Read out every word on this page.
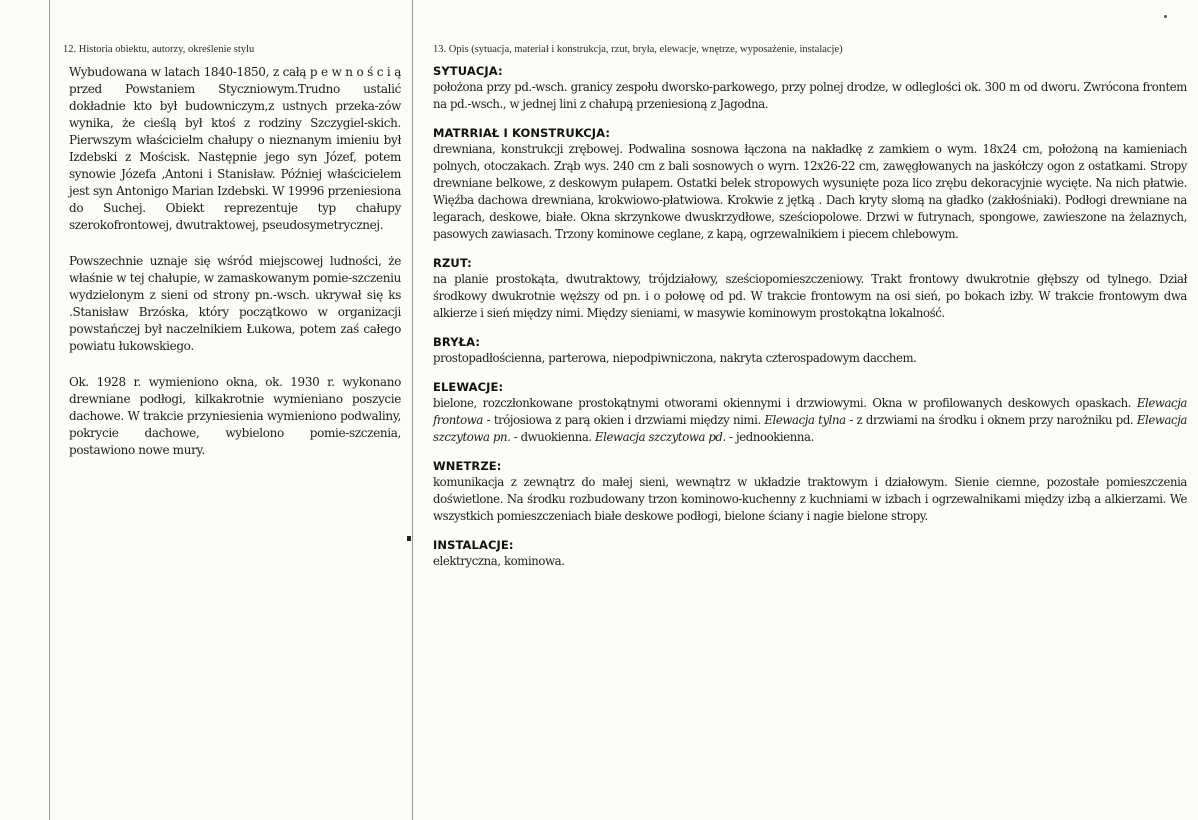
12. Historia obiektu, autorzy, określenie stylu

Wybudowana w latach 1840-1850, z całą p e w n o ś c i ą przed Powstaniem Styczniowym.Trudno ustalić dokładnie kto był budowniczym,z ustnych przeka-zów wynika, że cieślą był ktoś z rodziny Szczygiel-skich. Pierwszym właścicielm chałupy o nieznanym imieniu był Izdebski z Mościsk. Następnie jego syn Józef, potem synowie Józefa ,Antoni i Stanisław. Później właścicielem jest syn Antonigo Marian Izdebski. W 19996 przeniesiona do Suchej. Obiekt reprezentuje typ chałupy szerokofrontowej, dwutraktowej, pseudosymetrycznej.

Powszechnie uznaje się wśród miejscowej ludności, że właśnie w tej chałupie, w zamaskowanym pomie-szczeniu wydzielonym z sieni od strony pn.-wsch. ukrywał się ks .Stanisław Brzóska, który początkowo w organizacji powstańczej był naczelnikiem Łukowa, potem zaś całego powiatu łukowskiego.

Ok. 1928 r. wymieniono okna, ok. 1930 r. wykonano drewniane podłogi, kilkakrotnie wymieniano poszycie dachowe. W trakcie przyniesienia wymieniono podwaliny, pokrycie dachowe, wybielono pomie-szczenia, postawiono nowe mury.

13. Opis (sytuacja, materiał i konstrukcja, rzut, bryła, elewacje, wnętrze, wyposażenie, instalacje)

SYTUACJA:

położona przy pd.-wsch. granicy zespołu dworsko-parkowego, przy polnej drodze, w odleglości ok. 300 m od dworu. Zwrócona frontem na pd.-wsch., w jednej lini z chałupą przeniesioną z Jagodna.

MATRRIAŁ I KONSTRUKCJA:

drewniana, konstrukcji zrębowej. Podwalina sosnowa łączona na nakładkę z zamkiem o wym. 18x24 cm, położoną na kamieniach polnych, otoczakach. Zrąb wys. 240 cm z bali sosnowych o wyrn. 12x26-22 cm, zawęgłowanych na jaskółczy ogon z ostatkami. Stropy drewniane belkowe, z deskowym pułapem. Ostatki belek stropowych wysunięte poza lico zrębu dekoracyjnie wycięte. Na nich płatwie. Więźba dachowa drewniana, krokwiowo-płatwiowa. Krokwie z jętką . Dach kryty słomą na gładko (zakłośniaki). Podłogi drewniane na legarach, deskowe, białe. Okna skrzynkowe dwuskrzydłowe, sześciopolowe. Drzwi w futrynach, spongowe, zawieszone na żelaznych, pasowych zawiasach. Trzony kominowe ceglane, z kapą, ogrzewalnikiem i piecem chlebowym.

RZUT:

na planie prostokąta, dwutraktowy, trójdziałowy, sześciopomieszczeniowy. Trakt frontowy dwukrotnie głębszy od tylnego. Dział środkowy dwukrotnie węższy od pn. i o połowę od pd. W trakcie frontowym na osi sień, po bokach izby. W trakcie frontowym dwa alkierze i sień między nimi. Między sieniami, w masywie kominowym prostokątna lokalność.

BRYŁA:

prostopadłościenna, parterowa, niepodpiwniczona, nakryta czterospadowym dacchem.

ELEWACJE:

bielone, rozczłonkowane prostokątnymi otworami okiennymi i drzwiowymi. Okna w profilowanych deskowych opaskach. Elewacja frontowa - trójosiowa z parą okien i drzwiami między nimi. Elewacja tylna - z drzwiami na środku i oknem przy narożniku pd. Elewacja szczytowa pn. - dwuokienna. Elewacja szczytowa pd. - jednookienna.

WNETRZE:

komunikacja z zewnątrz do małej sieni, wewnątrz w układzie traktowym i działowym. Sienie ciemne, pozostałe pomieszczenia doświetlone. Na środku rozbudowany trzon kominowo-kuchenny z kuchniami w izbach i ogrzewalnikami między izbą a alkierzami. We wszystkich pomieszczeniach białe deskowe podłogi, bielone ściany i nagie bielone stropy.

INSTALACJE:

elektryczna, kominowa.
